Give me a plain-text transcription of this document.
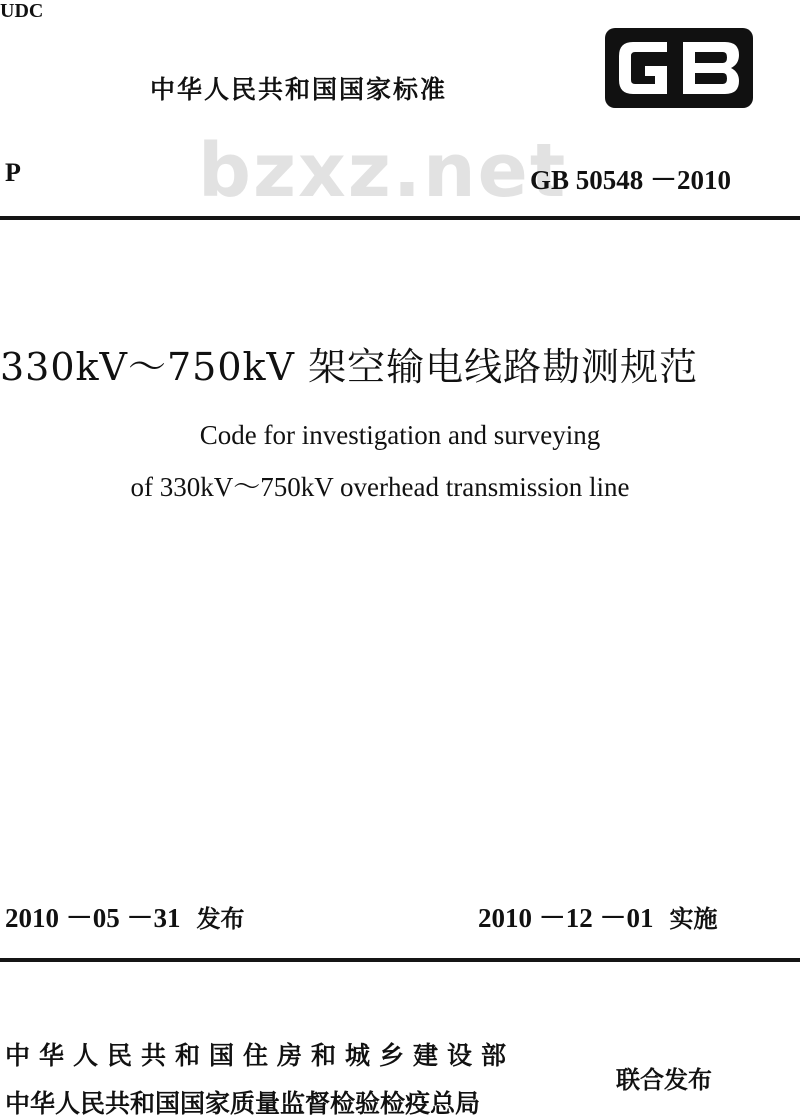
UDC
中华人民共和国国家标准
P bzxz.net
GB 50548 －2010
330kV～750kV 架空输电线路勘测规范
Code for investigation and surveying
of 330kV～750kV overhead transmission line
2010 －05 －31 发布	2010 －12 －01 实施
中华人民共和国住房和城乡建设部
中华人民共和国国家质量监督检验检疫总局
联合发布
